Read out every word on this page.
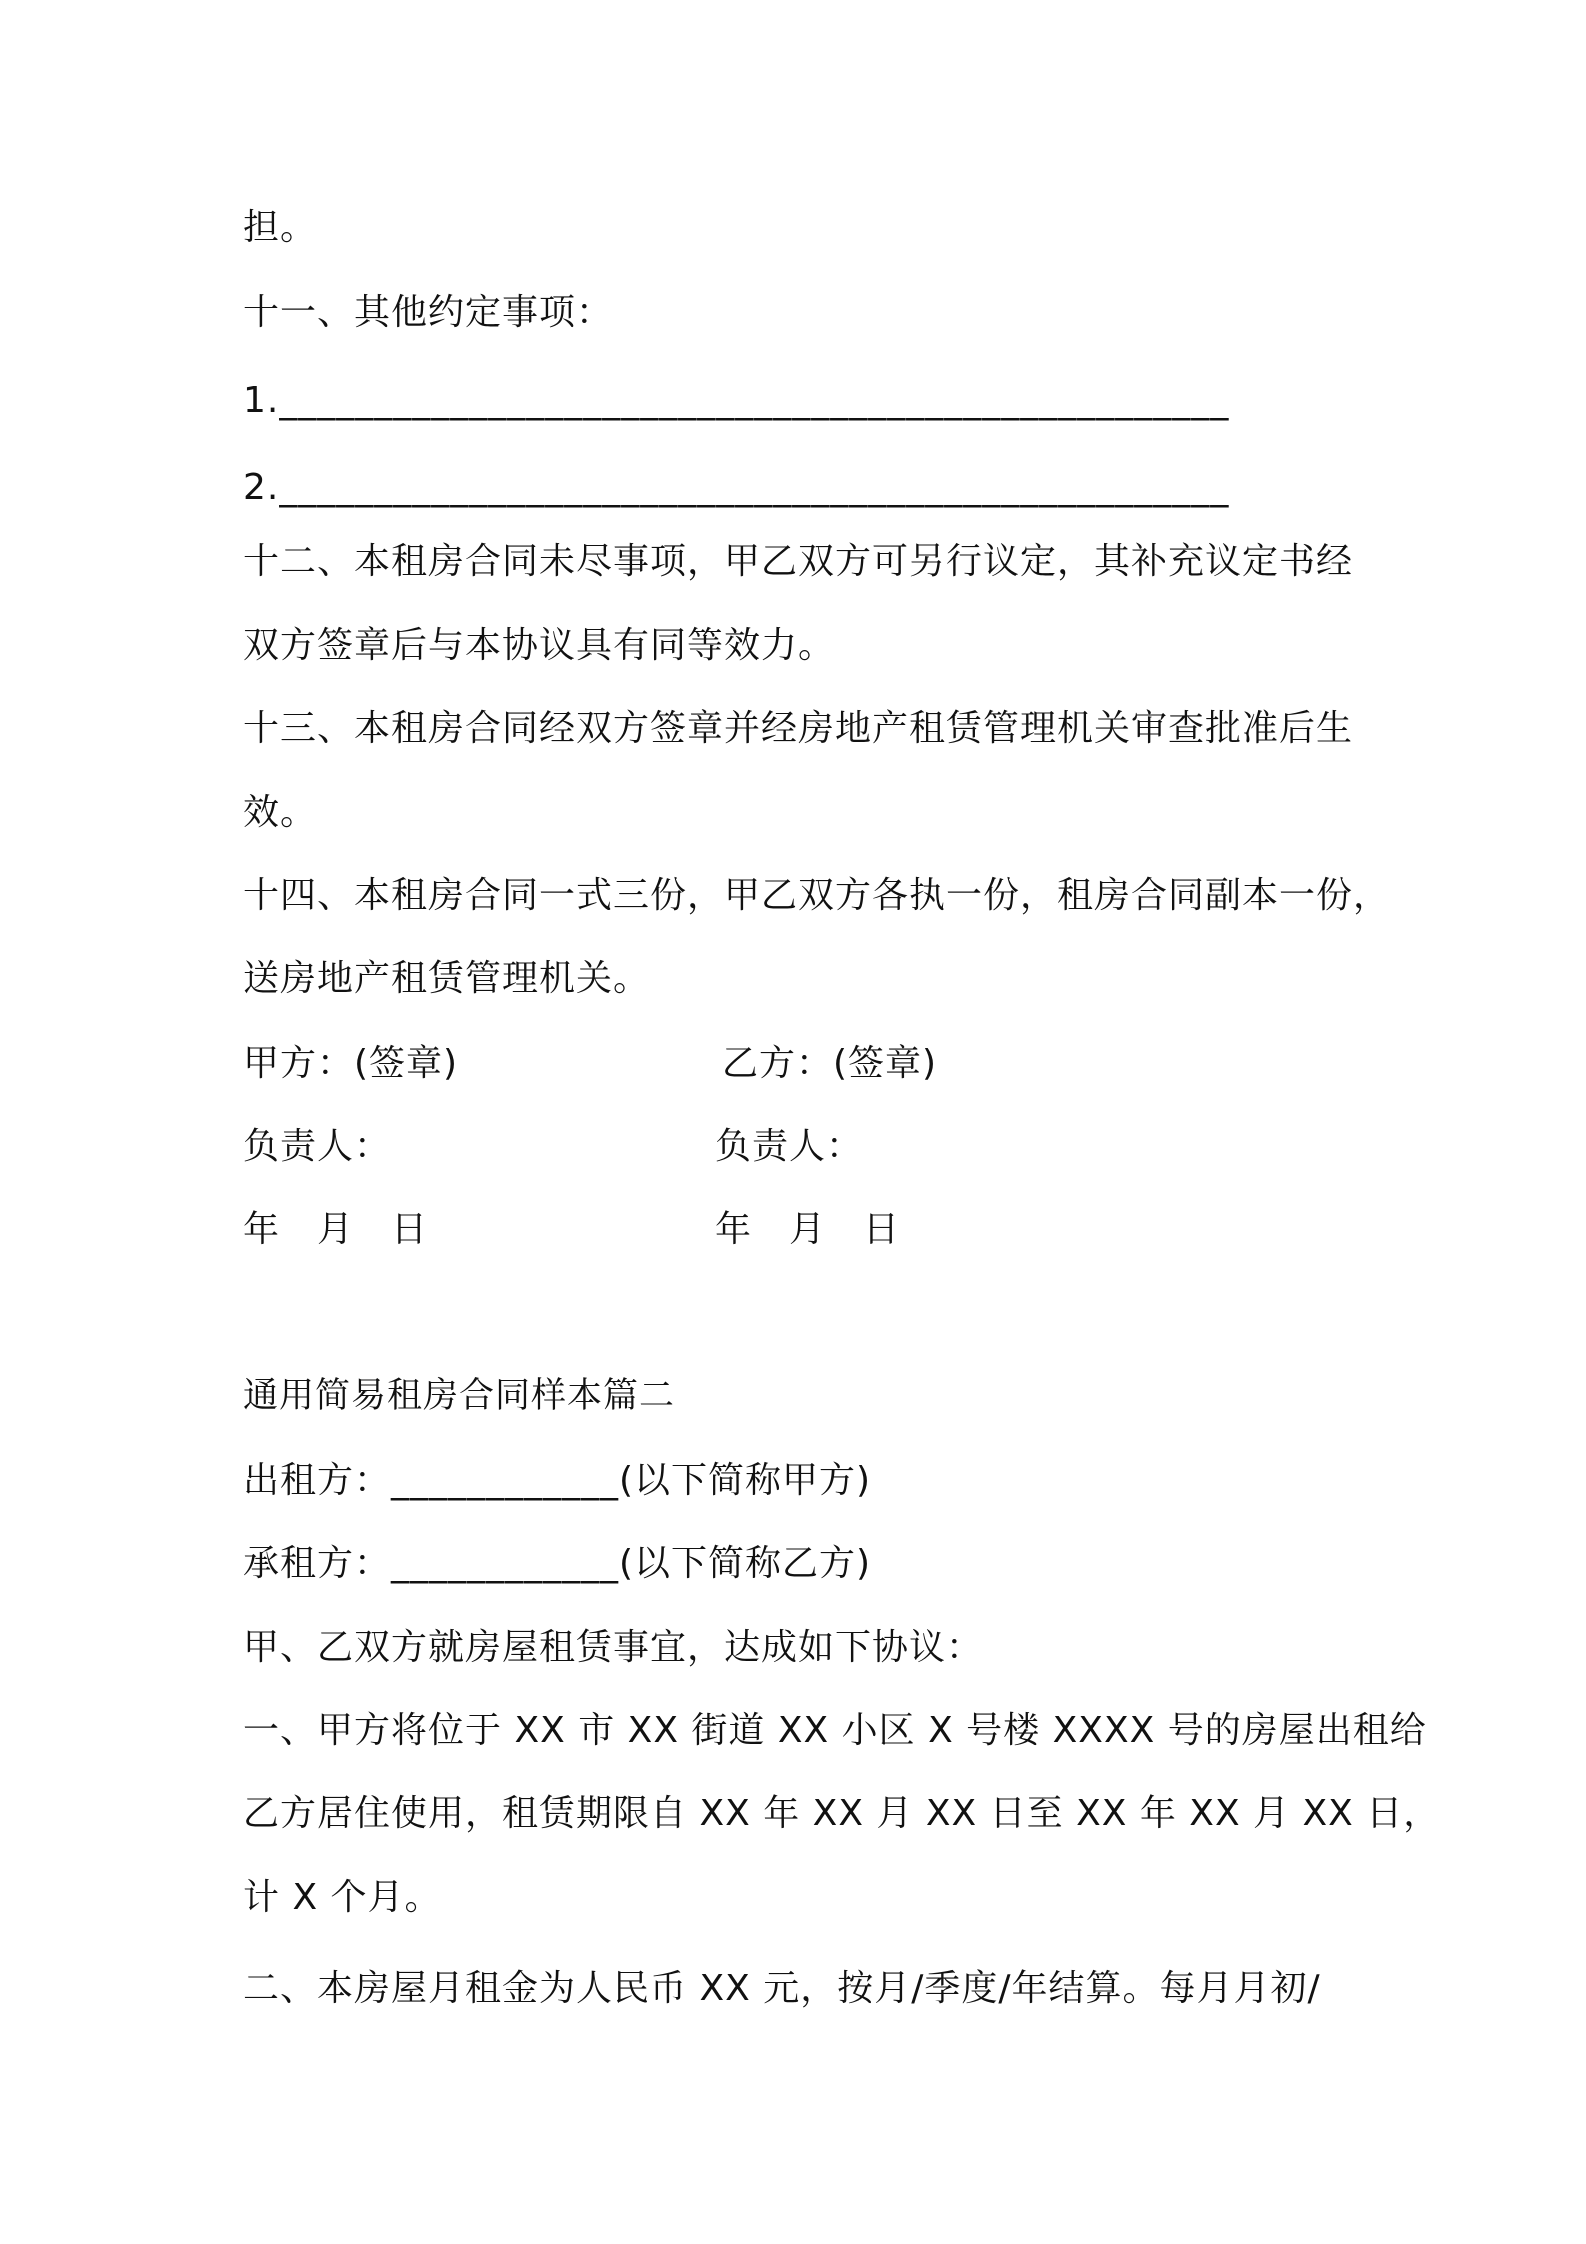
担。
十一、其他约定事项：
1.__________________________________________________
2.__________________________________________________
十二、本租房合同未尽事项，甲乙双方可另行议定，其补充议定书经
双方签章后与本协议具有同等效力。
十三、本租房合同经双方签章并经房地产租赁管理机关审查批准后生
效。
十四、本租房合同一式三份，甲乙双方各执一份，租房合同副本一份，
送房地产租赁管理机关。
甲方：(签章)	乙方：(签章)
负责人：	负责人：
年　月　日	年　月　日
通用简易租房合同样本篇二
出租方：____________(以下简称甲方)
承租方：____________(以下简称乙方)
甲、乙双方就房屋租赁事宜，达成如下协议：
一、甲方将位于 XX 市 XX 街道 XX 小区 X 号楼 XXXX 号的房屋出租给
乙方居住使用，租赁期限自 XX 年 XX 月 XX 日至 XX 年 XX 月 XX 日，
计 X 个月。
二、本房屋月租金为人民币 XX 元，按月/季度/年结算。每月月初/
